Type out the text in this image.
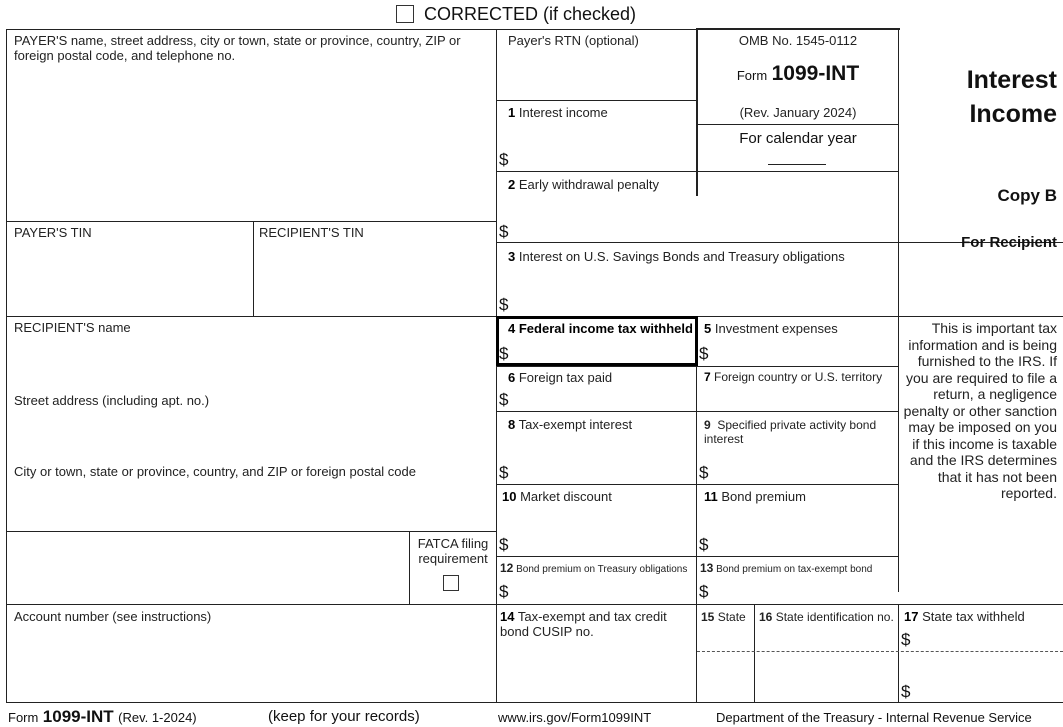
CORRECTED (if checked)
PAYER'S name, street address, city or town, state or province, country, ZIP or foreign postal code, and telephone no.
PAYER'S TIN	RECIPIENT'S TIN
RECIPIENT'S name
Street address (including apt. no.)
City or town, state or province, country, and ZIP or foreign postal code
FATCA filing requirement
Account number (see instructions)
Payer's RTN (optional)
1 Interest income
$
2 Early withdrawal penalty
$
3 Interest on U.S. Savings Bonds and Treasury obligations
$
4 Federal income tax withheld
$
5 Investment expenses
$
6 Foreign tax paid
$
7 Foreign country or U.S. territory
8 Tax-exempt interest
$
9 Specified private activity bond interest
$
10 Market discount
$
11 Bond premium
$
12 Bond premium on Treasury obligations
$
13 Bond premium on tax-exempt bond
$
14 Tax-exempt and tax credit bond CUSIP no.
15 State 16 State identification no. 17 State tax withheld
$
$
OMB No. 1545-0112
Form 1099-INT
(Rev. January 2024)
For calendar year
Interest
Income
Copy B
For Recipient
This is important tax information and is being furnished to the IRS. If you are required to file a return, a negligence penalty or other sanction may be imposed on you if this income is taxable and the IRS determines that it has not been reported.
Form 1099-INT (Rev. 1-2024)	(keep for your records)	www.irs.gov/Form1099INT	Department of the Treasury - Internal Revenue Service
